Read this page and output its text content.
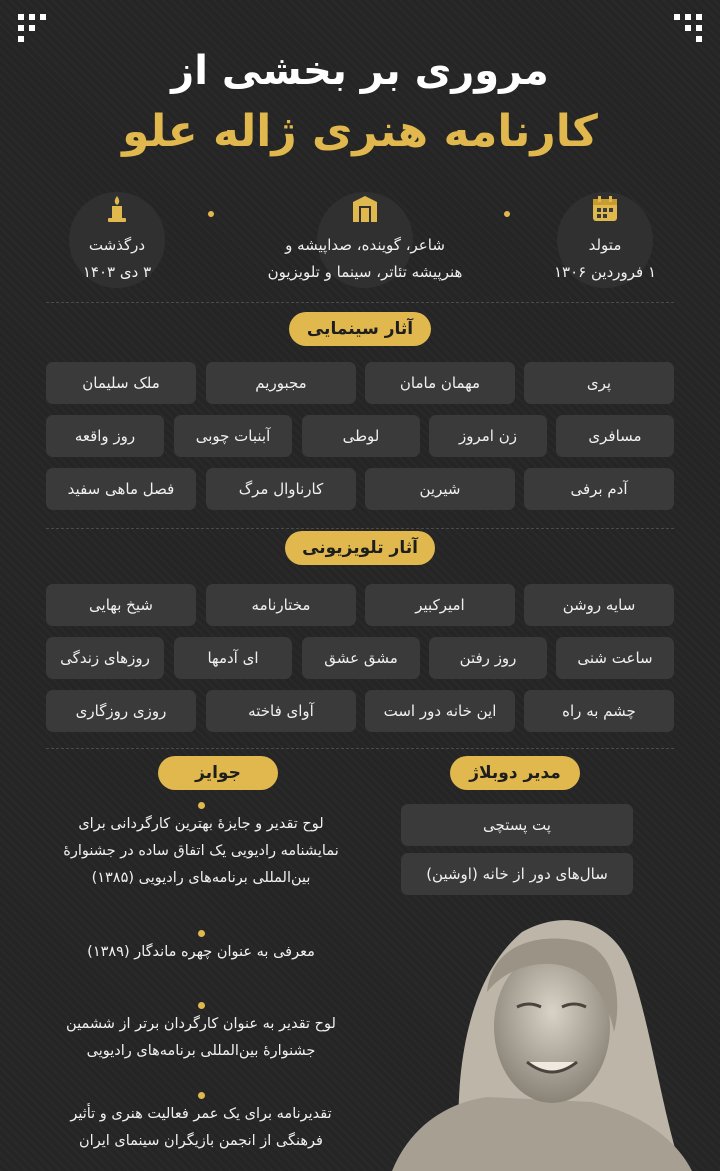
مروری بر بخشی از
کارنامه هنری ژاله علو
متولد
۱ فروردین ۱۳۰۶
شاعر، گوینده، صداپیشه و
هنرپیشه تئاتر، سینما و تلویزیون
درگذشت
۳ دی ۱۴۰۳
آثار سینمایی
پری
مهمان مامان
مجبوریم
ملک سلیمان
مسافری
زن امروز
لوطی
آبنبات چوبی
روز واقعه
آدم برفی
شیرین
کارناوال مرگ
فصل ماهی سفید
آثار تلویزیونی
سایه روشن
امیرکبیر
مختارنامه
شیخ بهایی
ساعت شنی
روز رفتن
مشق عشق
ای آدمها
روزهای زندگی
چشم به راه
این خانه دور است
آوای فاخته
روزی روزگاری
مدیر دوبلاژ
پت پستچی
سال‌های دور از خانه (اوشین)
جوایز
لوح تقدیر و جایزهٔ بهترین کارگردانی برای
نمایشنامه رادیویی یک اتفاق ساده در جشنوارهٔ
بین‌المللی برنامه‌های رادیویی (۱۳۸۵)
معرفی به عنوان چهره ماندگار (۱۳۸۹)
لوح تقدیر به عنوان کارگردان برتر از ششمین
جشنوارهٔ بین‌المللی برنامه‌های رادیویی
تقدیرنامه برای یک عمر فعالیت هنری و تأثیر
فرهنگی از انجمن بازیگران سینمای ایران
